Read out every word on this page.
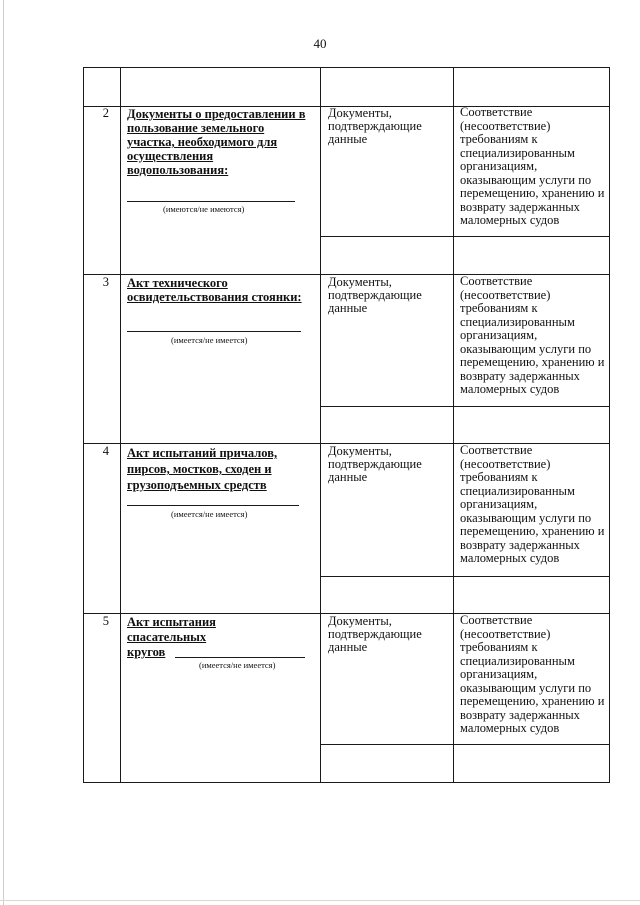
40
2 Документы о предоставлении в пользование земельного участка, необходимого для осуществления водопользования:
(имеются/не имеются)
Документы, подтверждающие данные
Соответствие (несоответствие) требованиям к специализированным организациям, оказывающим услуги по перемещению, хранению и возврату задержанных маломерных судов
3 Акт технического освидетельствования стоянки:
(имеется/не имеется)
Документы, подтверждающие данные
Соответствие (несоответствие) требованиям к специализированным организациям, оказывающим услуги по перемещению, хранению и возврату задержанных маломерных судов
4 Акт испытаний причалов, пирсов, мостков, сходен и грузоподъемных средств
(имеется/не имеется)
Документы, подтверждающие данные
Соответствие (несоответствие) требованиям к специализированным организациям, оказывающим услуги по перемещению, хранению и возврату задержанных маломерных судов
5 Акт испытания спасательных кругов
(имеется/не имеется)
Документы, подтверждающие данные
Соответствие (несоответствие) требованиям к специализированным организациям, оказывающим услуги по перемещению, хранению и возврату задержанных маломерных судов
